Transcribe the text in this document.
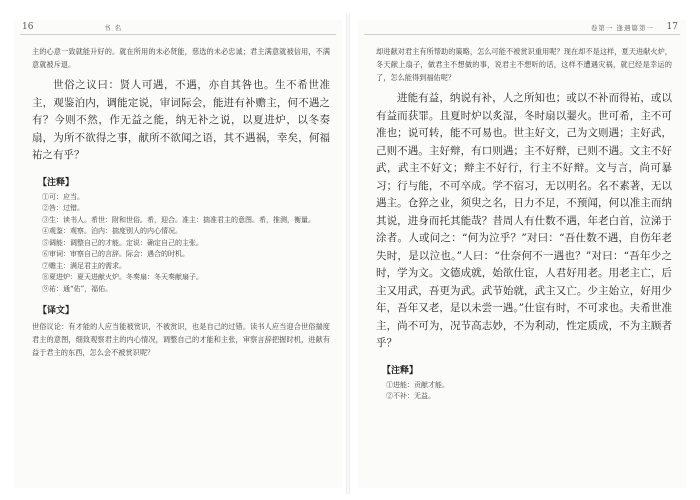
16	书 名

主的心意一致就能升好的。就在所用的未必贤能，慈选的未必忠诚；君主满意就被信用，不满意就被斥退。

世俗之议曰：贤人可遇，不遇，亦自其咎也。生不希世准主，观鉴泊内，调能定说，审词际会，能进有补赡主，何不遇之有？今则不然，作无益之能，纳无补之说，以夏进炉，以冬奏扇，为所不欲得之事，献所不欲闻之语，其不遇祸，幸矣，何福祐之有乎？

【注释】
①可：应当。
②咎：过错。
③生：读书人。希世：附和世俗。希，迎合。准主：揣准君主的意图。希，推测，衡量。
④观鉴：观察。泊内：揣度别人的内心情况。
⑤调能：调整自己的才能。定说：确定自己的主张。
⑥审词：审察自己的言辞。际会：遇合的时机。
⑦赡主：满足君主的需求。
⑧夏进炉：夏天进献火炉。冬奏扇：冬天奏献扇子。
⑨祐：通“佑”，福佑。
【译文】

世俗议论：有才能的人应当能被赏识，不被赏识，也是自己的过错。读书人应当迎合世俗揣度君主的意图，细致观察君主的内心情况，调整自己的才能和主张，审察言辞把握时机，进献有益于君主的东西，怎么会不被赏识呢？

卷第一 逢遇篇第一 17

却进献对君主有所帮助的策略，怎么可能不被赏识重用呢？现在却不是这样，夏天进献火炉，冬天献上扇子，做君主不想做的事，说君主不想听的话，这样不遭遇灾祸，就已经是幸运的了，怎么能得到福佑呢？

进能有益，纳说有补，人之所知也；或以不补而得祐，或以有益而获罪。且夏时炉以炙湿，冬时扇以翣火。世可希，主不可准也；说可转，能不可易也。世主好文，己为文则遇；主好武，己则不遇。主好辩，有口则遇；主不好辩，已则不遇。文主不好武，武主不好文；辩主不好行，行主不好辩。文与言，尚可暴习；行与能，不可卒成。学不宿习，无以明名。名不素著，无以遇主。仓猝之业，须臾之名，日力不足，不预闻，何以准主而纳其说，进身而托其能哉？昔周人有仕数不遇，年老白首，泣涕于涂者。人或问之：“何为泣乎？”对曰：“吾仕数不遇，自伤年老失时，是以泣也。”人曰：“仕奈何不一遇也？”对曰：“吾年少之时，学为文。文德成就，始欲仕宦，人君好用老。用老主亡，后主又用武，吾更为武。武节始就，武主又亡。少主始立，好用少年，吾年又老，是以未尝一遇。”仕宦有时，不可求也。夫希世准主，尚不可为，况节高志妙，不为利动，性定质成，不为主顾者乎？

【注释】
①进能：贡献才能。
②不补：无益。
